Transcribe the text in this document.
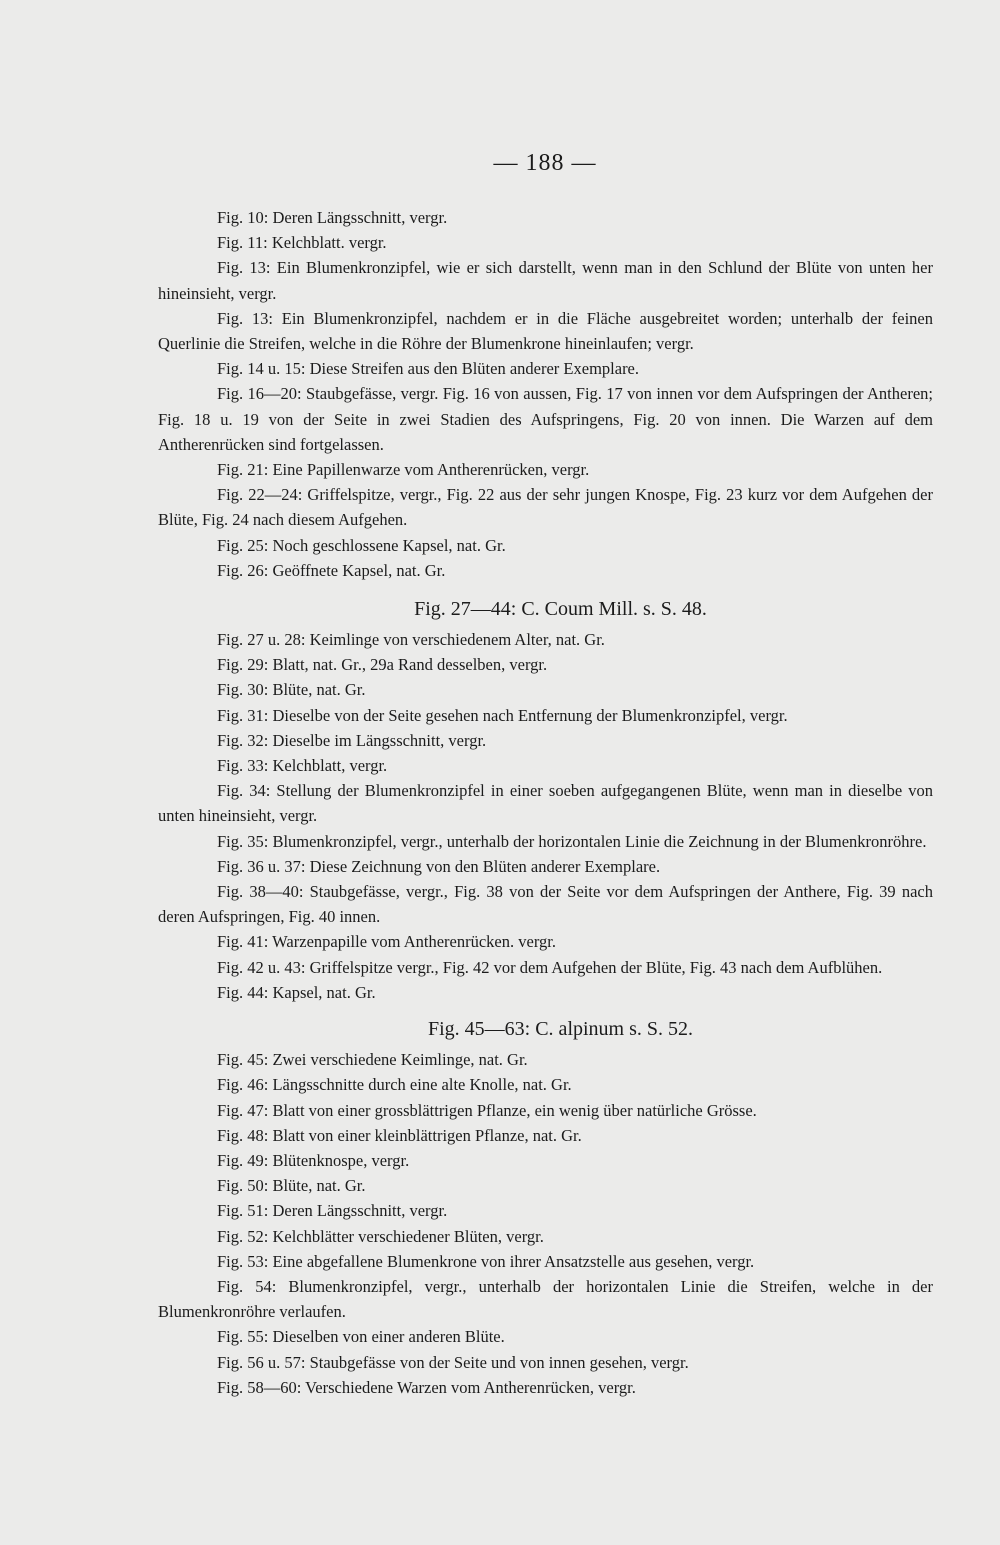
— 188 —

Fig. 10: Deren Längsschnitt, vergr.

Fig. 11: Kelchblatt. vergr.

Fig. 13: Ein Blumenkronzipfel, wie er sich darstellt, wenn man in den Schlund der Blüte von unten her hineinsieht, vergr.

Fig. 13: Ein Blumenkronzipfel, nachdem er in die Fläche ausgebreitet worden; unterhalb der feinen Querlinie die Streifen, welche in die Röhre der Blumenkrone hineinlaufen; vergr.

Fig. 14 u. 15: Diese Streifen aus den Blüten anderer Exemplare.

Fig. 16—20: Staubgefässe, vergr. Fig. 16 von aussen, Fig. 17 von innen vor dem Aufspringen der Antheren; Fig. 18 u. 19 von der Seite in zwei Stadien des Aufspringens, Fig. 20 von innen. Die Warzen auf dem Antherenrücken sind fortgelassen.

Fig. 21: Eine Papillenwarze vom Antherenrücken, vergr.

Fig. 22—24: Griffelspitze, vergr., Fig. 22 aus der sehr jungen Knospe, Fig. 23 kurz vor dem Aufgehen der Blüte, Fig. 24 nach diesem Aufgehen.

Fig. 25: Noch geschlossene Kapsel, nat. Gr.

Fig. 26: Geöffnete Kapsel, nat. Gr.

Fig. 27—44: C. Coum Mill. s. S. 48.

Fig. 27 u. 28: Keimlinge von verschiedenem Alter, nat. Gr.

Fig. 29: Blatt, nat. Gr., 29a Rand desselben, vergr.

Fig. 30: Blüte, nat. Gr.

Fig. 31: Dieselbe von der Seite gesehen nach Entfernung der Blumenkronzipfel, vergr.

Fig. 32: Dieselbe im Längsschnitt, vergr.

Fig. 33: Kelchblatt, vergr.

Fig. 34: Stellung der Blumenkronzipfel in einer soeben aufgegangenen Blüte, wenn man in dieselbe von unten hineinsieht, vergr.

Fig. 35: Blumenkronzipfel, vergr., unterhalb der horizontalen Linie die Zeichnung in der Blumenkronröhre.

Fig. 36 u. 37: Diese Zeichnung von den Blüten anderer Exemplare.

Fig. 38—40: Staubgefässe, vergr., Fig. 38 von der Seite vor dem Aufspringen der Anthere, Fig. 39 nach deren Aufspringen, Fig. 40 innen.

Fig. 41: Warzenpapille vom Antherenrücken. vergr.

Fig. 42 u. 43: Griffelspitze vergr., Fig. 42 vor dem Aufgehen der Blüte, Fig. 43 nach dem Aufblühen.

Fig. 44: Kapsel, nat. Gr.

Fig. 45—63: C. alpinum s. S. 52.

Fig. 45: Zwei verschiedene Keimlinge, nat. Gr.

Fig. 46: Längsschnitte durch eine alte Knolle, nat. Gr.

Fig. 47: Blatt von einer grossblättrigen Pflanze, ein wenig über natürliche Grösse.

Fig. 48: Blatt von einer kleinblättrigen Pflanze, nat. Gr.

Fig. 49: Blütenknospe, vergr.

Fig. 50: Blüte, nat. Gr.

Fig. 51: Deren Längsschnitt, vergr.

Fig. 52: Kelchblätter verschiedener Blüten, vergr.

Fig. 53: Eine abgefallene Blumenkrone von ihrer Ansatzstelle aus gesehen, vergr.

Fig. 54: Blumenkronzipfel, vergr., unterhalb der horizontalen Linie die Streifen, welche in der Blumenkronröhre verlaufen.

Fig. 55: Dieselben von einer anderen Blüte.

Fig. 56 u. 57: Staubgefässe von der Seite und von innen gesehen, vergr.

Fig. 58—60: Verschiedene Warzen vom Antherenrücken, vergr.
